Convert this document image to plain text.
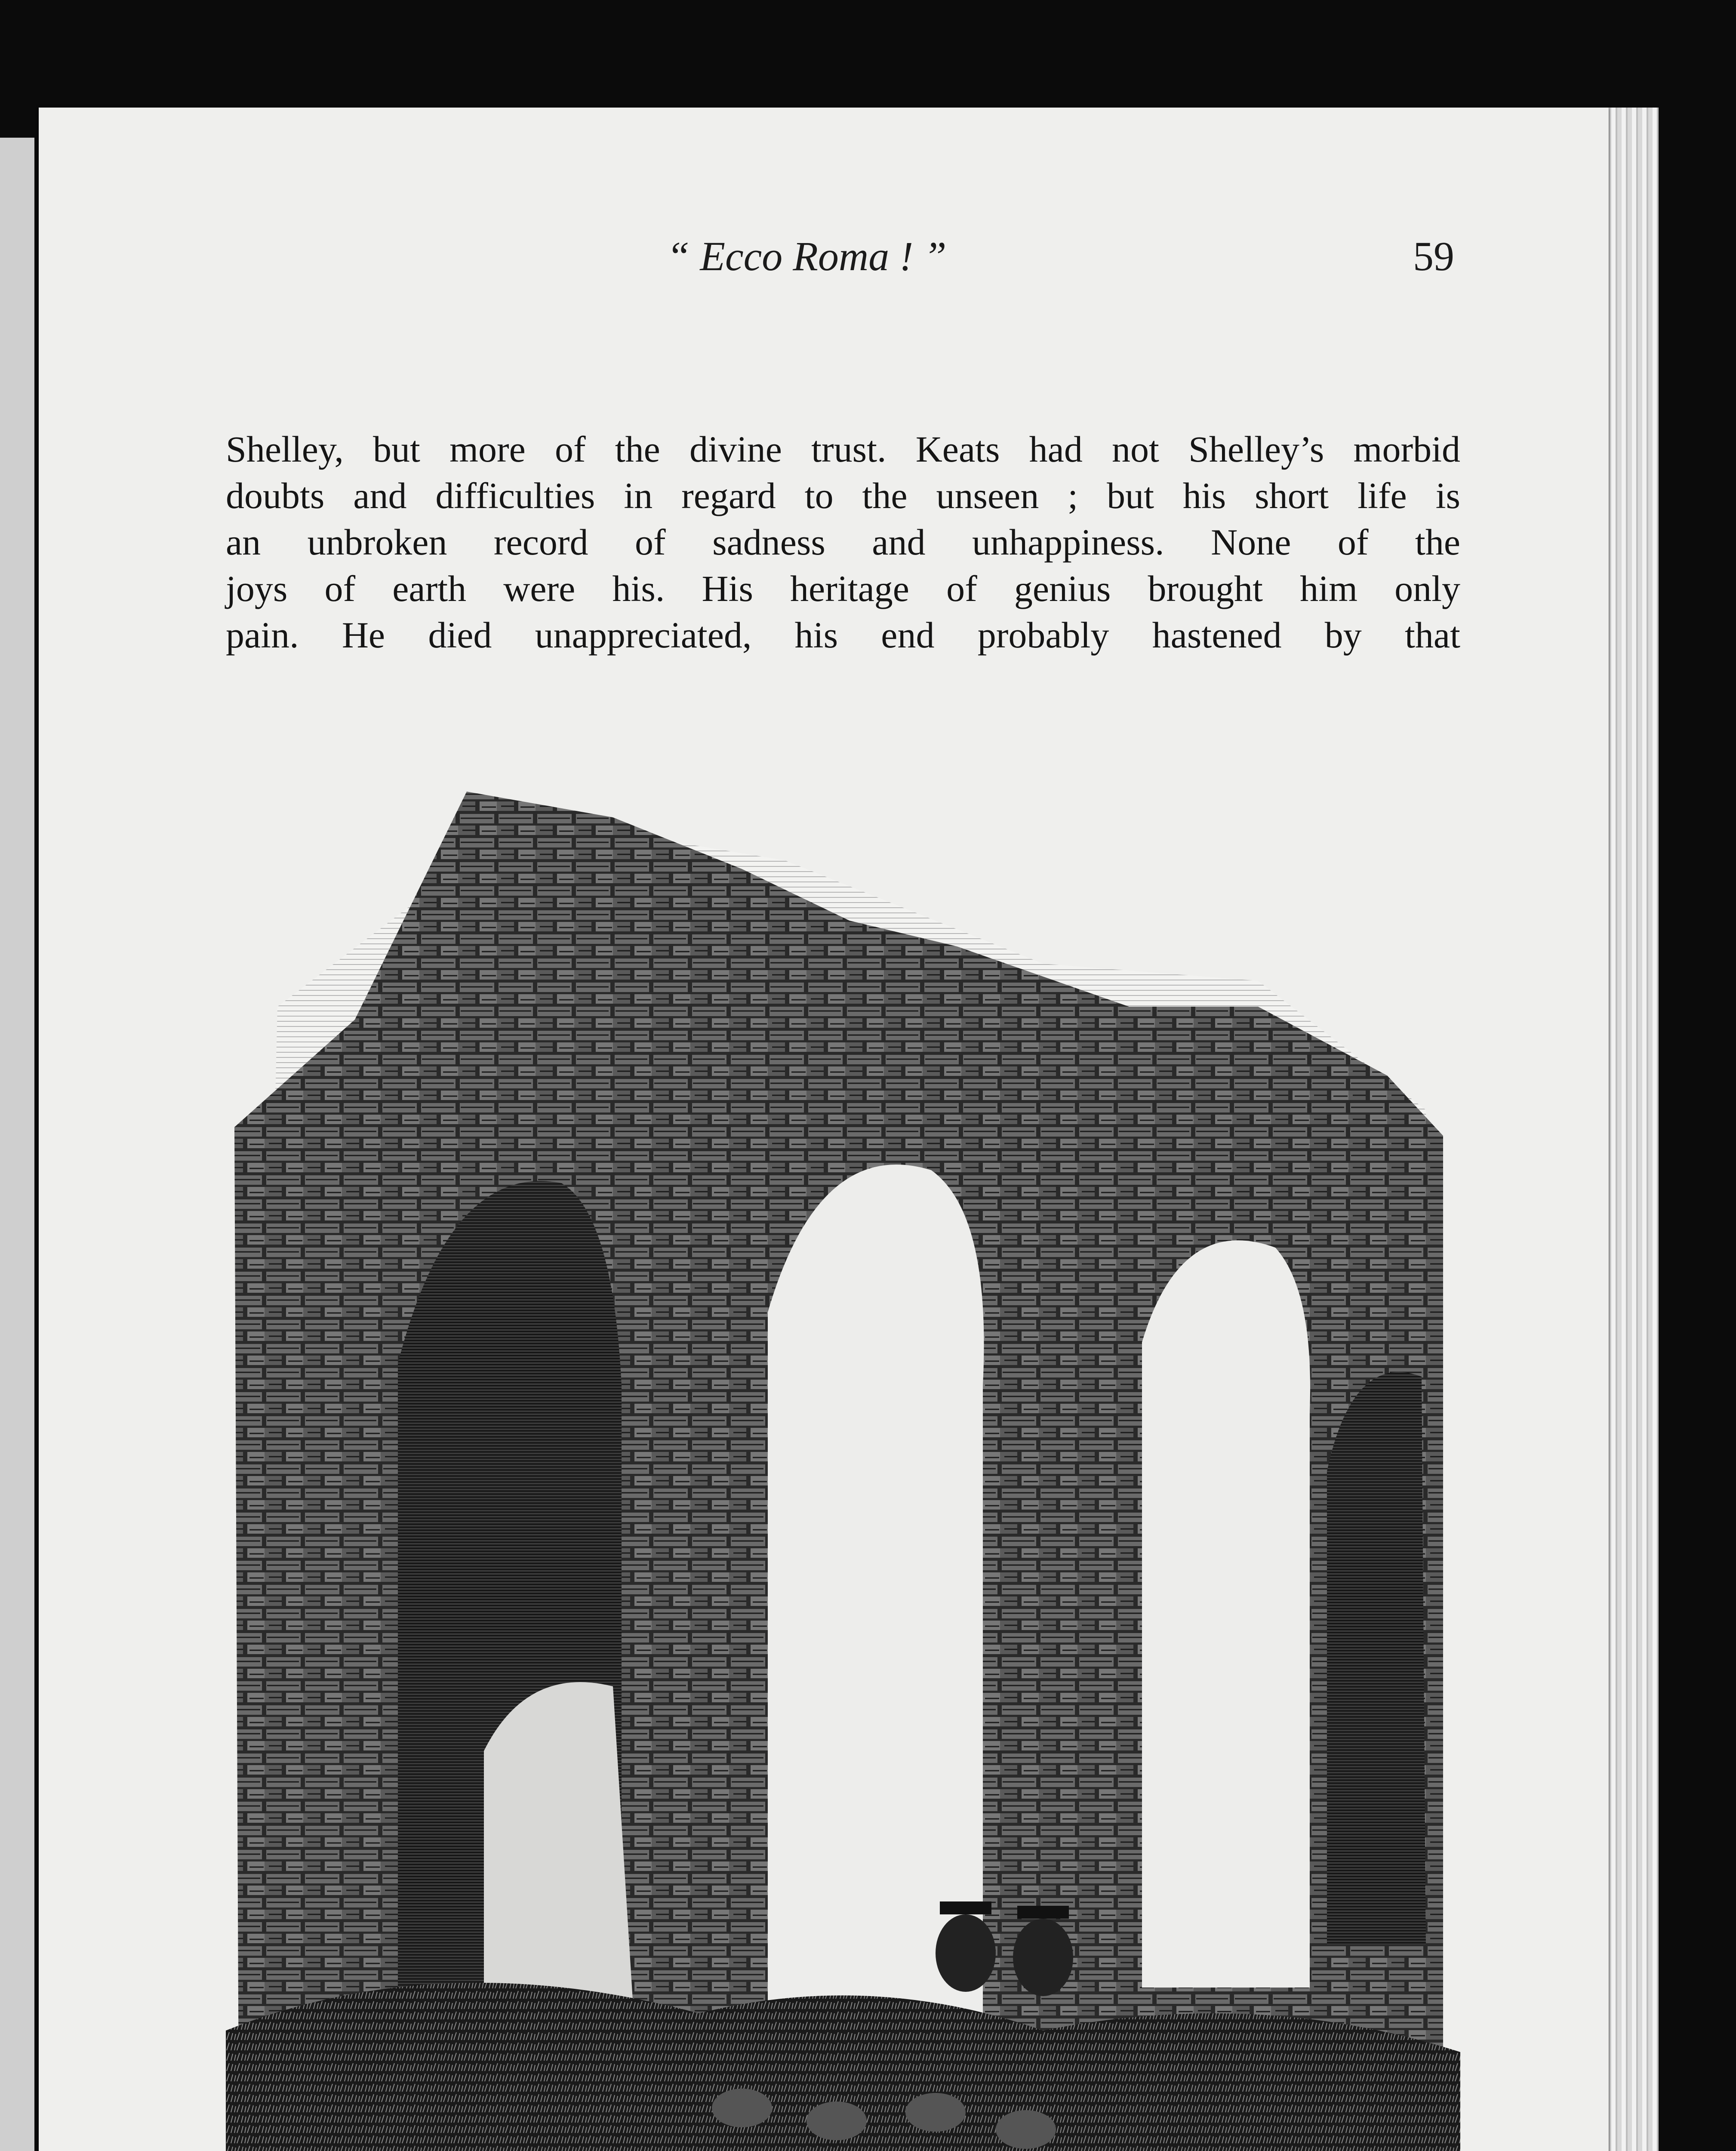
“ Ecco Roma ! ”	59
Shelley, but more of the divine trust. Keats had not Shelley’s morbid
doubts and difficulties in regard to the unseen ; but his short life is
an unbroken record of sadness and unhappiness. None of the
joys of earth were his. His heritage of genius brought him only
pain. He died unappreciated, his end probably hastened by that
